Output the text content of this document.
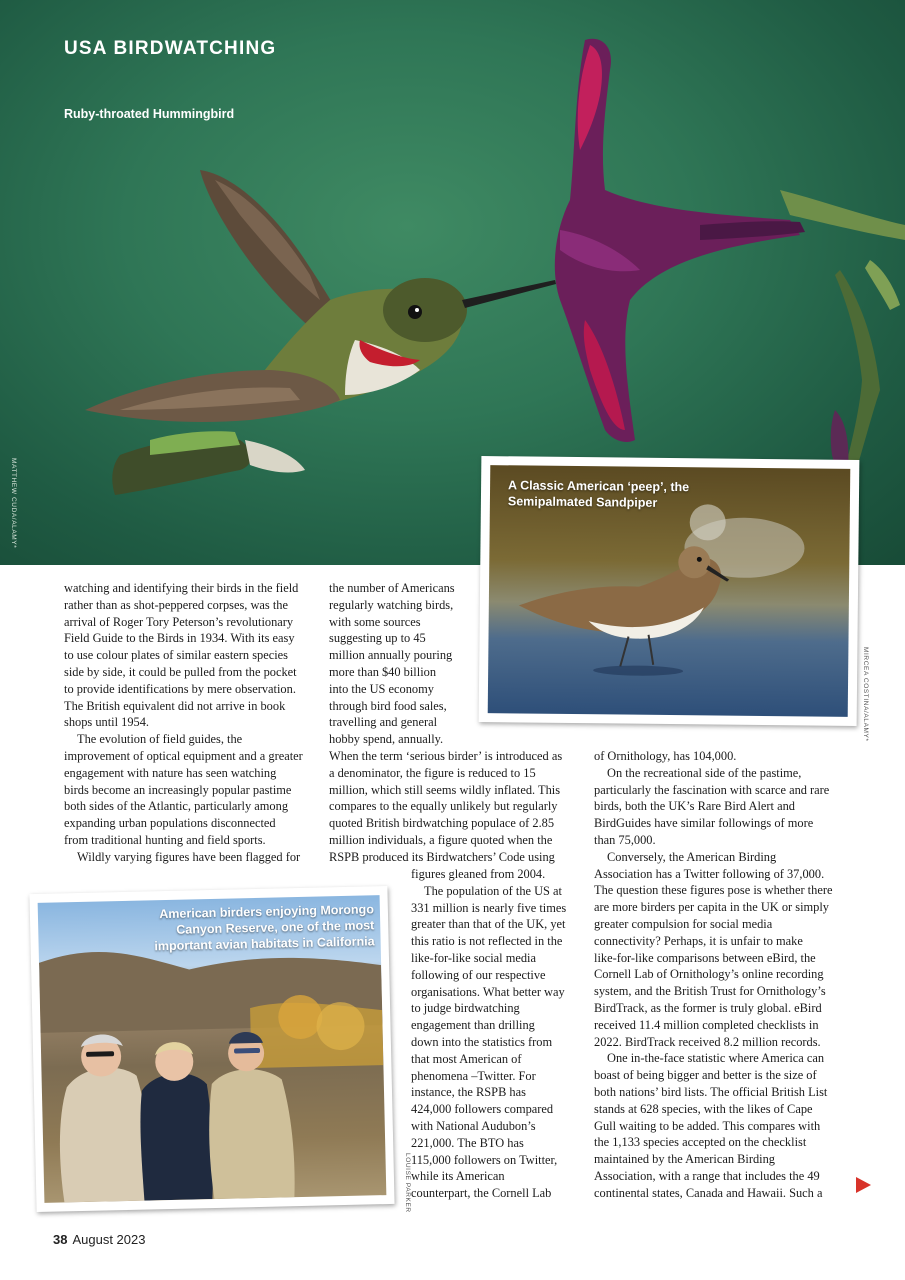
USA BIRDWATCHING
Ruby-throated Hummingbird
MATTHEW CUDA/ALAMY*	A Classic American ‘peep’, the
Semipalmated Sandpiper
MIRCEA COSTINA/ALAMY*
American birders enjoying Morongo
Canyon Reserve, one of the most
important avian habitats in California
LOUISE PARKER

watching and identifying their birds in the field

rather than as shot-peppered corpses, was the

arrival of Roger Tory Peterson’s revolutionary

Field Guide to the Birds in 1934. With its easy

to use colour plates of similar eastern species

side by side, it could be pulled from the pocket

to provide identifications by mere observation.

The British equivalent did not arrive in book

shops until 1954.

The evolution of field guides, the

improvement of optical equipment and a greater

engagement with nature has seen watching

birds become an increasingly popular pastime

both sides of the Atlantic, particularly among

expanding urban populations disconnected

from traditional hunting and field sports.

Wildly varying figures have been flagged for

the number of Americans

regularly watching birds,

with some sources

suggesting up to 45

million annually pouring

more than $40 billion

into the US economy

through bird food sales,

travelling and general

hobby spend, annually.

When the term ‘serious birder’ is introduced as

a denominator, the figure is reduced to 15

million, which still seems wildly inflated. This

compares to the equally unlikely but regularly

quoted British birdwatching populace of 2.85

million individuals, a figure quoted when the

RSPB produced its Birdwatchers’ Code using

figures gleaned from 2004.

The population of the US at

331 million is nearly five times

greater than that of the UK, yet

this ratio is not reflected in the

like-for-like social media

following of our respective

organisations. What better way

to judge birdwatching

engagement than drilling

down into the statistics from

that most American of

phenomena –Twitter. For

instance, the RSPB has

424,000 followers compared

with National Audubon’s

221,000. The BTO has

115,000 followers on Twitter,

while its American

counterpart, the Cornell Lab

of Ornithology, has 104,000.

On the recreational side of the pastime,

particularly the fascination with scarce and rare

birds, both the UK’s Rare Bird Alert and

BirdGuides have similar followings of more

than 75,000.

Conversely, the American Birding

Association has a Twitter following of 37,000.

The question these figures pose is whether there

are more birders per capita in the UK or simply

greater compulsion for social media

connectivity? Perhaps, it is unfair to make

like-for-like comparisons between eBird, the

Cornell Lab of Ornithology’s online recording

system, and the British Trust for Ornithology’s

BirdTrack, as the former is truly global. eBird

received 11.4 million completed checklists in

2022. BirdTrack received 8.2 million records.

One in-the-face statistic where America can

boast of being bigger and better is the size of

both nations’ bird lists. The official British List

stands at 628 species, with the likes of Cape

Gull waiting to be added. This compares with

the 1,133 species accepted on the checklist

maintained by the American Birding

Association, with a range that includes the 49

continental states, Canada and Hawaii. Such a

38 August 2023
